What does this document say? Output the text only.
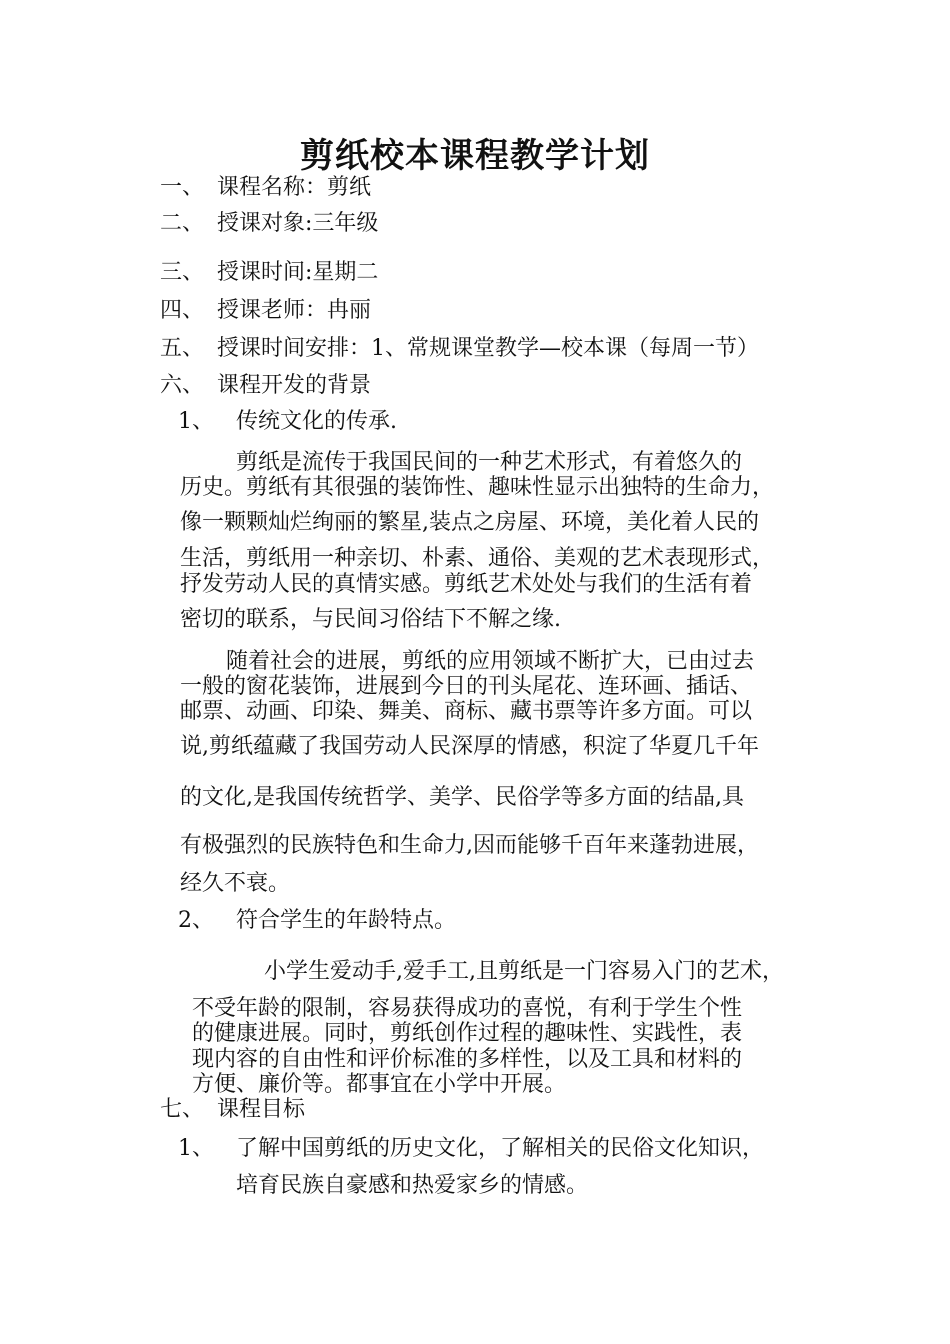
剪纸校本课程教学计划
一、 课程名称：剪纸
二、 授课对象:三年级
三、 授课时间:星期二
四、 授课老师：冉丽
五、 授课时间安排：1、常规课堂教学—校本课（每周一节）
六、 课程开发的背景
1、 传统文化的传承.
剪纸是流传于我国民间的一种艺术形式，有着悠久的
历史。剪纸有其很强的装饰性、趣味性显示出独特的生命力，
像一颗颗灿烂绚丽的繁星,装点之房屋、环境，美化着人民的
生活，剪纸用一种亲切、朴素、通俗、美观的艺术表现形式，
抒发劳动人民的真情实感。剪纸艺术处处与我们的生活有着
密切的联系，与民间习俗结下不解之缘.
随着社会的进展，剪纸的应用领域不断扩大，已由过去
一般的窗花装饰，进展到今日的刊头尾花、连环画、插话、
邮票、动画、印染、舞美、商标、藏书票等许多方面。可以
说,剪纸蕴藏了我国劳动人民深厚的情感，积淀了华夏几千年
的文化,是我国传统哲学、美学、民俗学等多方面的结晶,具
有极强烈的民族特色和生命力,因而能够千百年来蓬勃进展，
经久不衰。
2、 符合学生的年龄特点。
小学生爱动手,爱手工,且剪纸是一门容易入门的艺术，
不受年龄的限制，容易获得成功的喜悦，有利于学生个性
的健康进展。同时，剪纸创作过程的趣味性、实践性，表
现内容的自由性和评价标准的多样性，以及工具和材料的
方便、廉价等。都事宜在小学中开展。
七、 课程目标
1、 了解中国剪纸的历史文化，了解相关的民俗文化知识，
培育民族自豪感和热爱家乡的情感。
